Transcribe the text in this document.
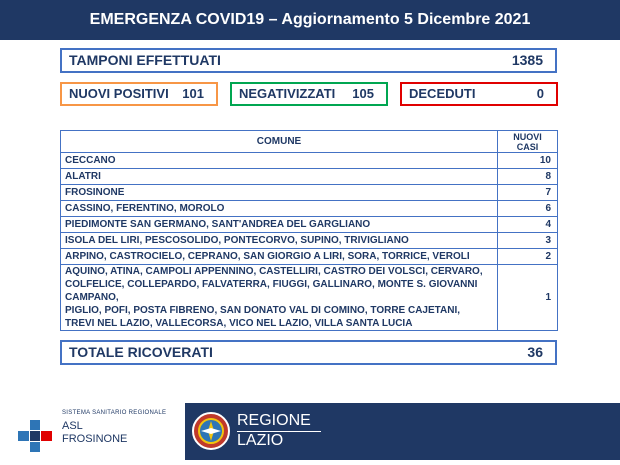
EMERGENZA COVID19 – Aggiornamento 5 Dicembre 2021
TAMPONI EFFETTUATI	1385
NUOVI POSITIVI 101	NEGATIVIZZATI 105	DECEDUTI	0
COMUNE	NUOVI CASI
CECCANO	10
ALATRI	8
FROSINONE	7
CASSINO, FERENTINO, MOROLO	6
PIEDIMONTE SAN GERMANO, SANT'ANDREA DEL GARGLIANO	4
ISOLA DEL LIRI, PESCOSOLIDO, PONTECORVO, SUPINO, TRIVIGLIANO	3
ARPINO, CASTROCIELO, CEPRANO, SAN GIORGIO A LIRI, SORA, TORRICE, VEROLI	2

AQUINO, ATINA, CAMPOLI APPENNINO, CASTELLIRI, CASTRO DEI VOLSCI, CERVARO,
COLFELICE, COLLEPARDO, FALVATERRA, FIUGGI, GALLINARO, MONTE S. GIOVANNI CAMPANO,
PIGLIO, POFI, POSTA FIBRENO, SAN DONATO VAL DI COMINO, TORRE CAJETANI,
TREVI NEL LAZIO, VALLECORSA, VICO NEL LAZIO, VILLA SANTA LUCIA	1
TOTALE RICOVERATI	36
SISTEMA SANITARIO REGIONALE
ASL
FROSINONE
REGIONE
LAZIO
